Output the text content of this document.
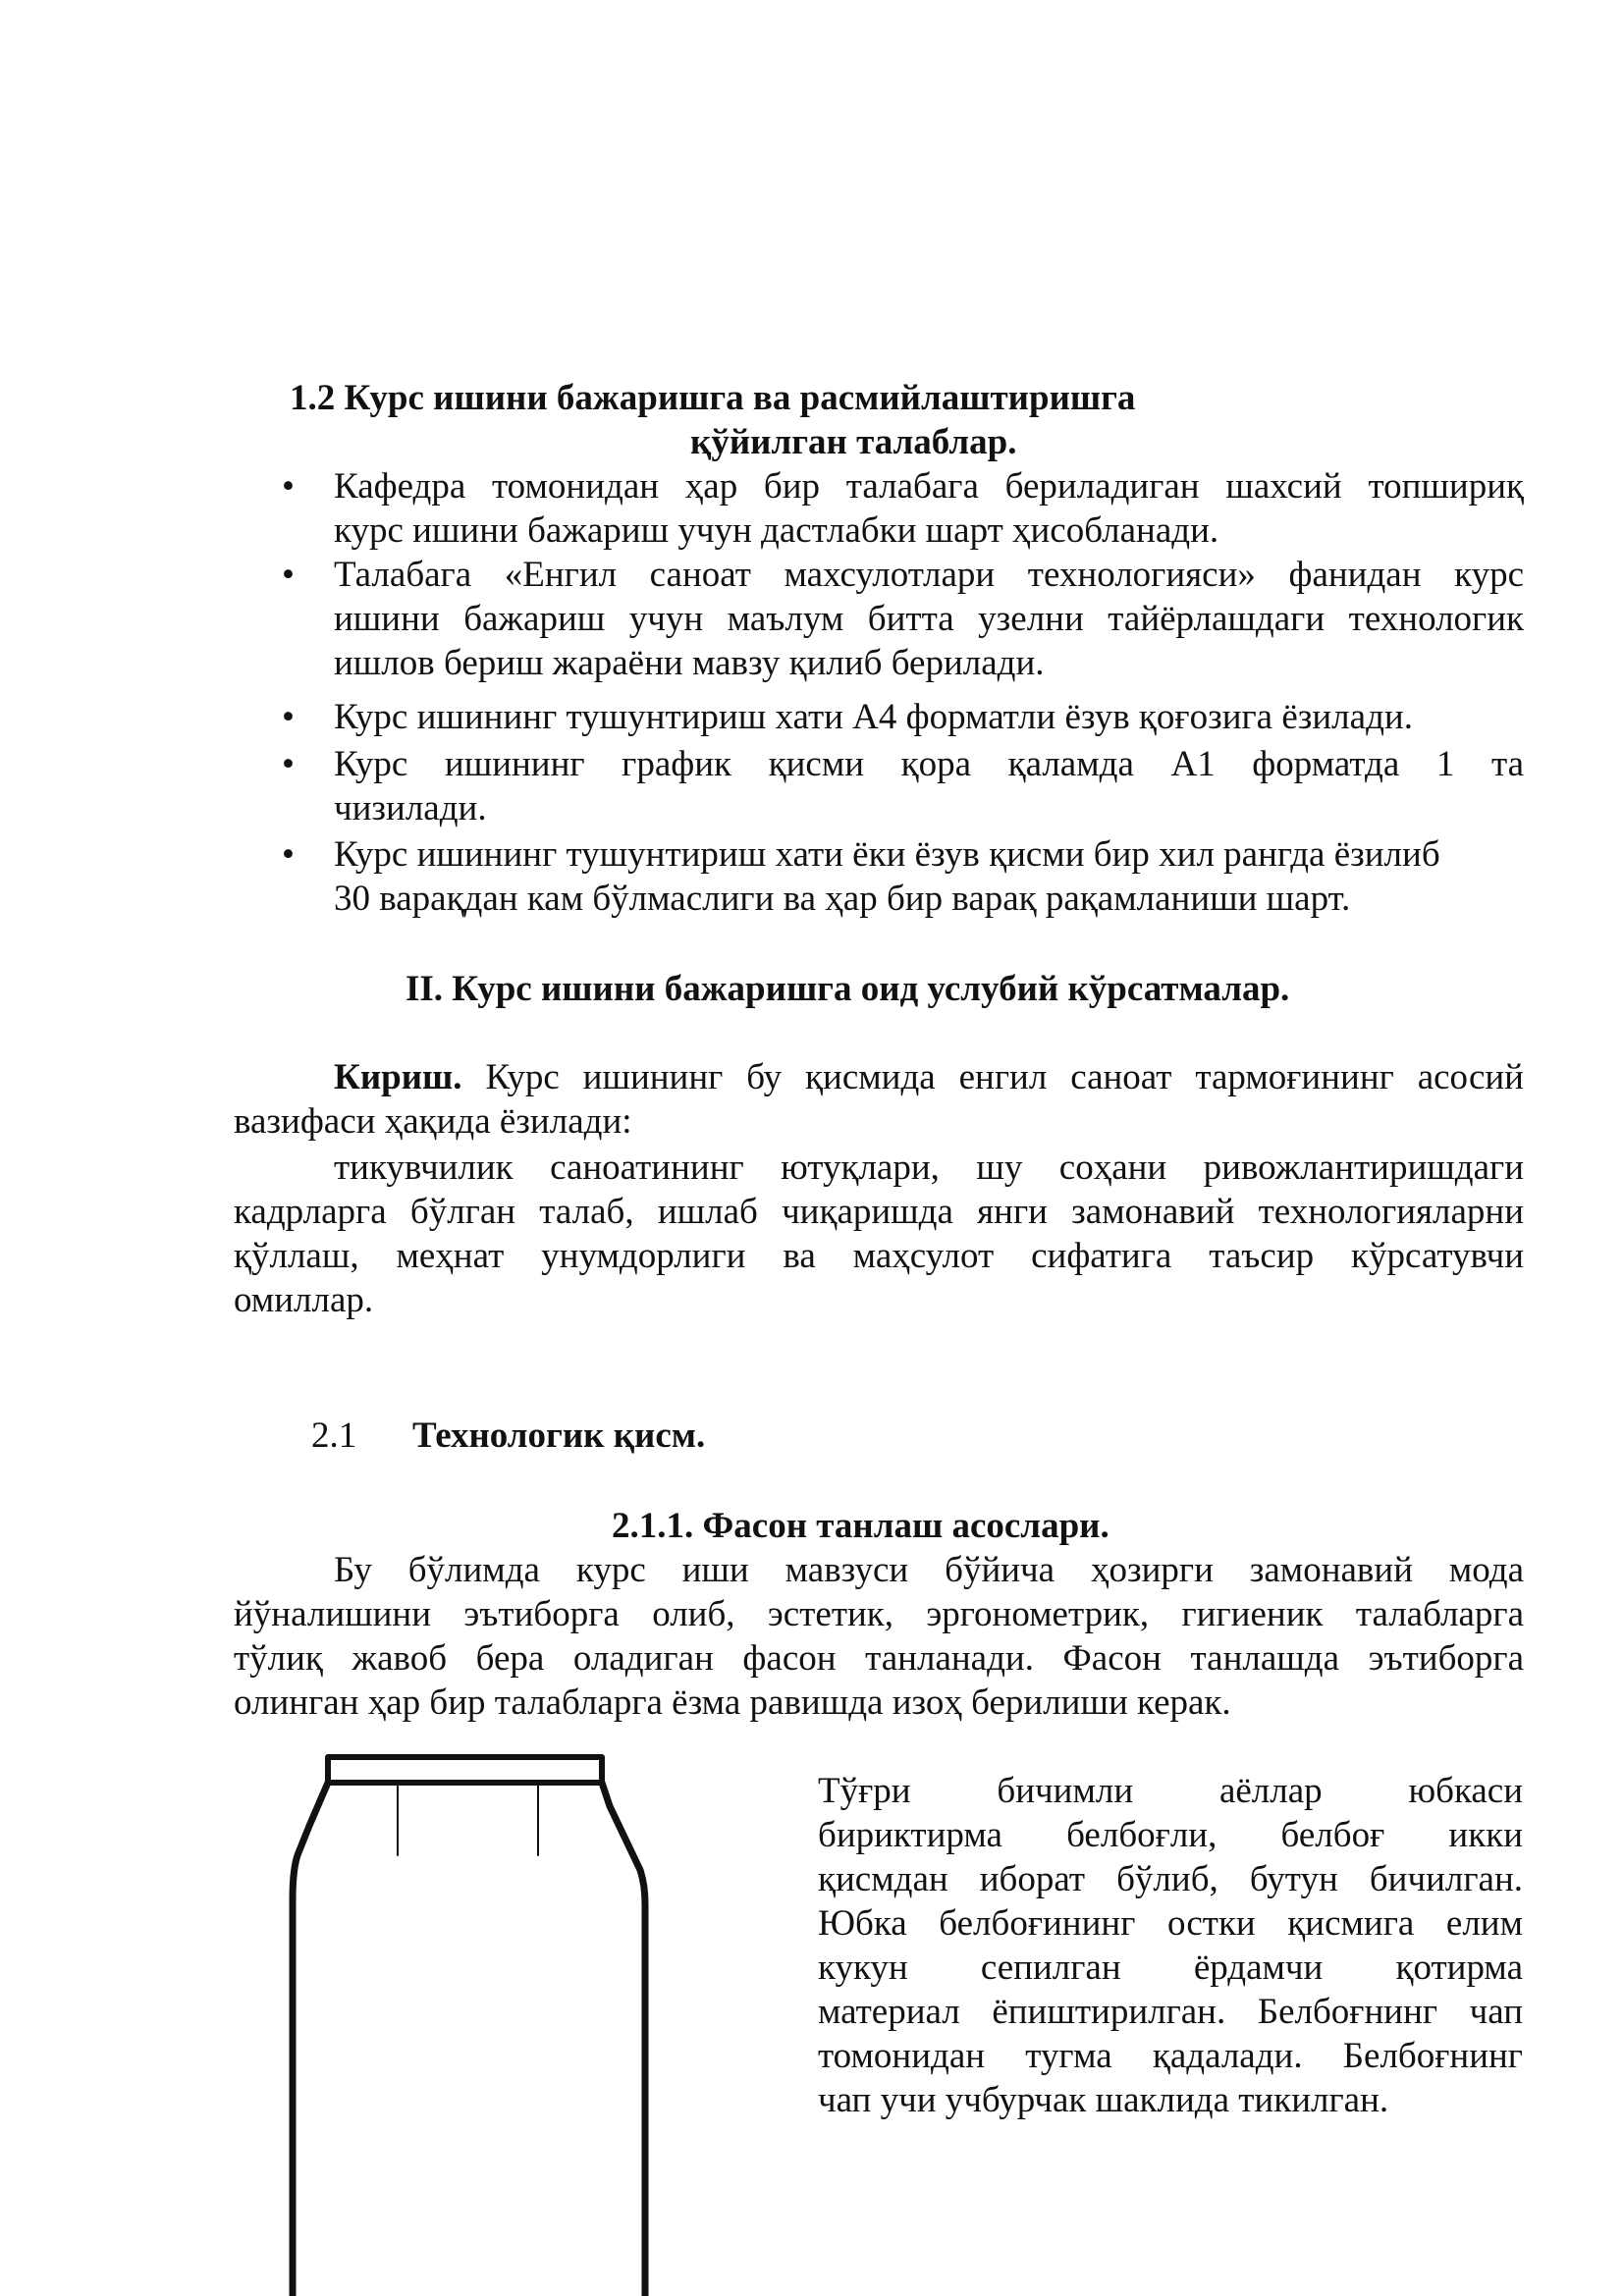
1.2 Курс ишини бажаришга ва расмийлаштиришга
қўйилган талаблар.
• Кафедра томонидан ҳар бир талабага бериладиган шахсий топшириқ
курс ишини бажариш учун дастлабки шарт ҳисобланади.
• Талабага «Енгил саноат махсулотлари технологияси» фанидан курс
ишини бажариш учун маълум битта узелни тайёрлашдаги технологик
ишлов бериш жараёни мавзу қилиб берилади.
• Курс ишининг тушунтириш хати А4 форматли ёзув қоғозига ёзилади.
• Курс ишининг график қисми қора қаламда А1 форматда 1 та
чизилади.
• Курс ишининг тушунтириш хати ёки ёзув қисми бир хил рангда ёзилиб
30 варақдан кам бўлмаслиги ва ҳар бир варақ рақамланиши шарт.
II. Курс ишини бажаришга оид услубий кўрсатмалар.
Кириш. Курс ишининг бу қисмида енгил саноат тармоғининг асосий
вазифаси ҳақида ёзилади:
тикувчилик саноатининг ютуқлари, шу соҳани ривожлантиришдаги
кадрларга бўлган талаб, ишлаб чиқаришда янги замонавий технологияларни
қўллаш, меҳнат унумдорлиги ва маҳсулот сифатига таъсир кўрсатувчи
омиллар.
2.1 Технологик қисм.
2.1.1. Фасон танлаш асослари.
Бу бўлимда курс иши мавзуси бўйича ҳозирги замонавий мода
йўналишини эътиборга олиб, эстетик, эргонометрик, гигиеник талабларга
тўлиқ жавоб бера оладиган фасон танланади. Фасон танлашда эътиборга
олинган ҳар бир талабларга ёзма равишда изоҳ берилиши керак.
Тўғри бичимли аёллар юбкаси
бириктирма белбоғли, белбоғ икки
қисмдан иборат бўлиб, бутун бичилган.
Юбка белбоғининг остки қисмига елим
кукун сепилган ёрдамчи қотирма
материал ёпиштирилган. Белбоғнинг чап
томонидан тугма қадалади. Белбоғнинг
чап учи учбурчак шаклида тикилган.
